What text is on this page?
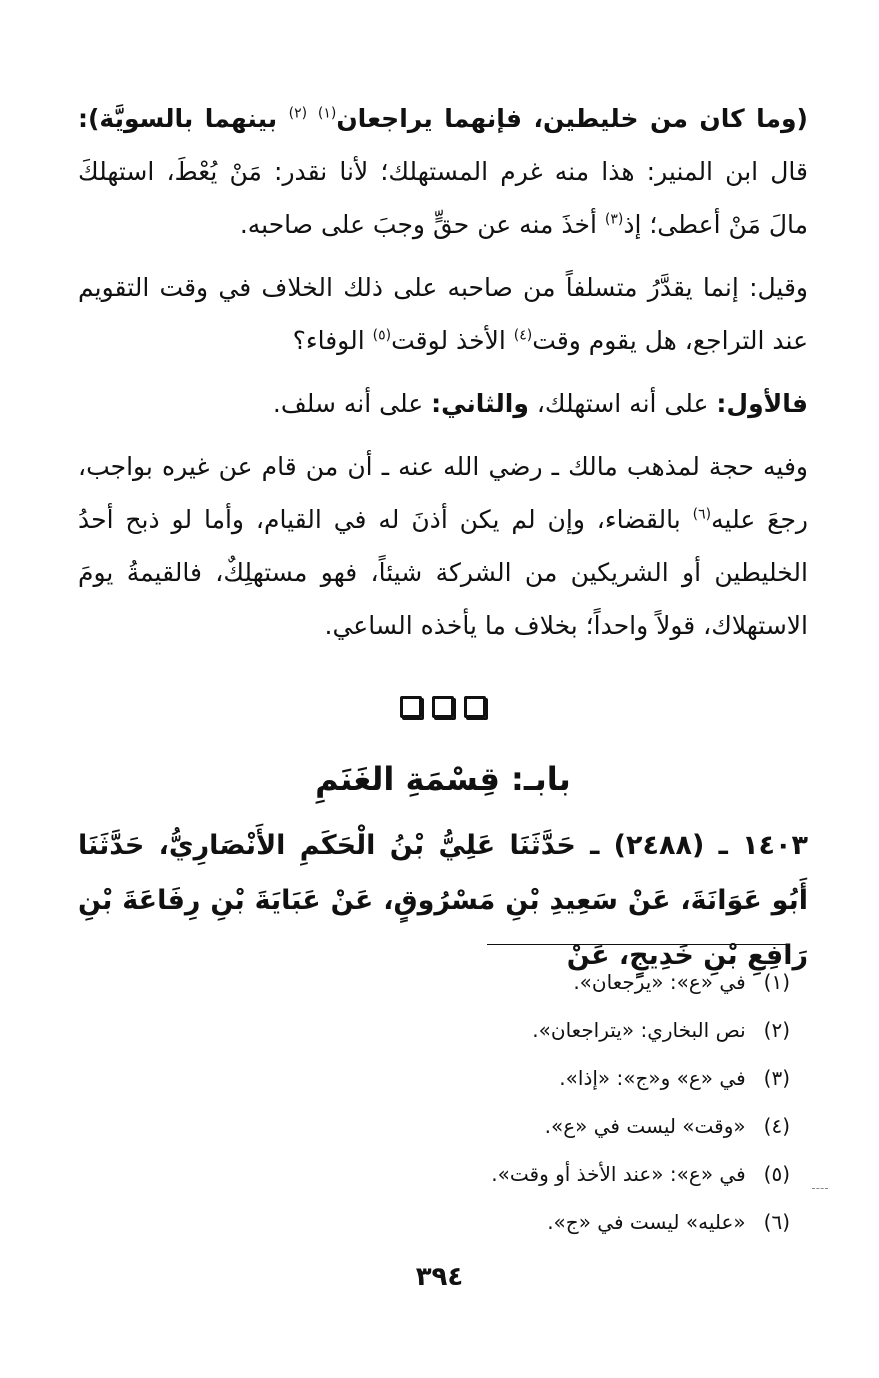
(وما كان من خليطين، فإنهما يراجعان$^{(١)}$ $^{(٢)}$ بينهما بالسويَّة): قال ابن المنير: هذا منه غرم المستهلك؛ لأنا نقدر: مَنْ يُعْطَ، استهلكَ مالَ مَنْ أعطى؛ إذ$^{(٣)}$ أخذَ منه عن حقٍّ وجبَ على صاحبه.

وقيل: إنما يقدَّرُ متسلفاً من صاحبه على ذلك الخلاف في وقت التقويم عند التراجع، هل يقوم وقت$^{(٤)}$ الأخذ لوقت$^{(٥)}$ الوفاء؟

فالأول: على أنه استهلك، والثاني: على أنه سلف.

وفيه حجة لمذهب مالك ـ رضي الله عنه ـ أن من قام عن غيره بواجب، رجعَ عليه$^{(٦)}$ بالقضاء، وإن لم يكن أذنَ له في القيام، وأما لو ذبح أحدُ الخليطين أو الشريكين من الشركة شيئاً، فهو مستهلِكٌ، فالقيمةُ يومَ الاستهلاك، قولاً واحداً؛ بخلاف ما يأخذه الساعي.

بابـ: قِسْمَةِ الغَنَمِ

١٤٠٣ ـ (٢٤٨٨) ـ حَدَّثَنَا عَلِيُّ بْنُ الْحَكَمِ الأَنْصَارِيُّ، حَدَّثَنَا أَبُو عَوَانَةَ، عَنْ سَعِيدِ بْنِ مَسْرُوقٍ، عَنْ عَبَايَةَ بْنِ رِفَاعَةَ بْنِ رَافِعِ بْنِ خَدِيجٍ، عَنْ

(١) في «ع»: «يرجعان».
(٢) نص البخاري: «يتراجعان».
(٣) في «ع» و«ج»: «إذا».
(٤) «وقت» ليست في «ع».
(٥) في «ع»: «عند الأخذ أو وقت».
(٦) «عليه» ليست في «ج».
٣٩٤
